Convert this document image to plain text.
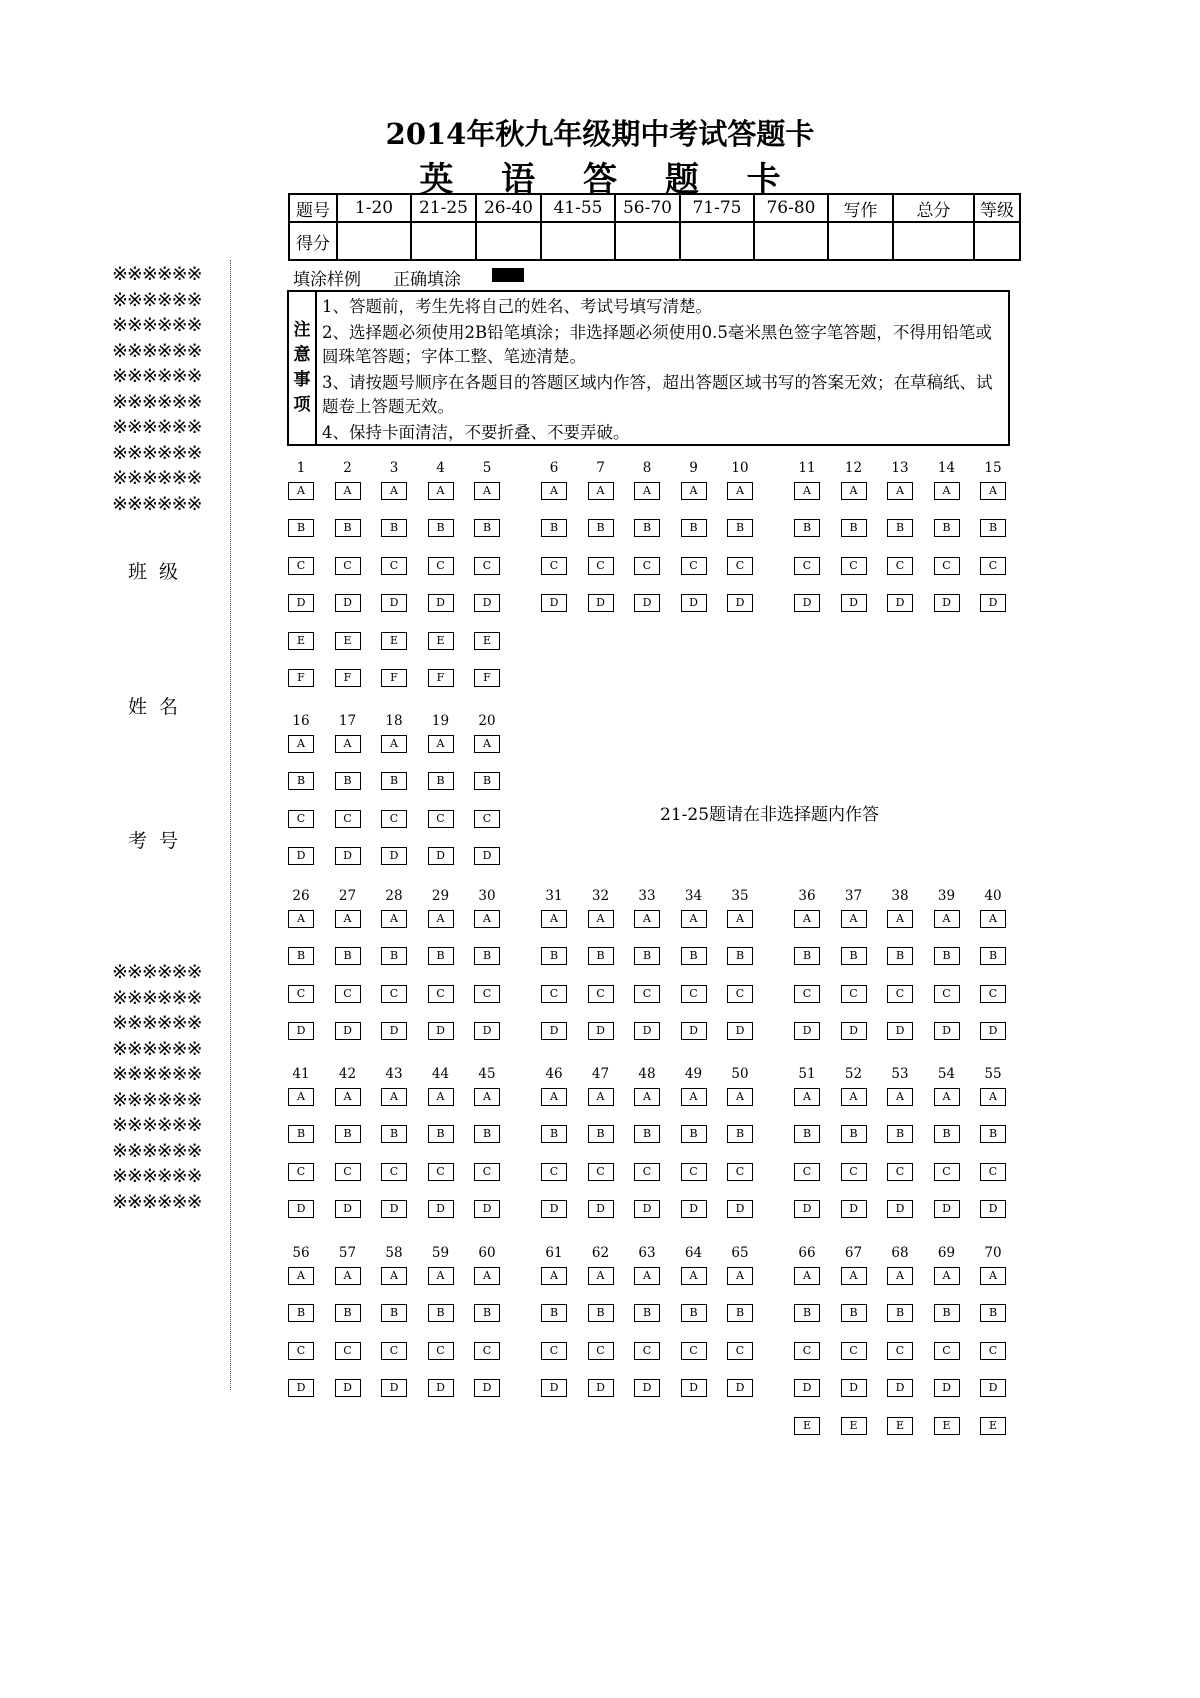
2014年秋九年级期中考试答题卡
英 语 答 题 卡
题号	1-20	21-25	26-40	41-55	56-70	71-75	76-80	写作	总分	等级
得分										
填涂样例 正确填涂
注
意
事
项

1、答题前，考生先将自己的姓名、考试号填写清楚。

2、选择题必须使用2B铅笔填涂；非选择题必须使用0.5毫米黑色签字笔答题，不得用铅笔或圆珠笔答题；字体工整、笔迹清楚。

3、请按题号顺序在各题目的答题区域内作答，超出答题区域书写的答案无效；在草稿纸、试题卷上答题无效。

4、保持卡面清洁，不要折叠、不要弄破。

※※※※※※
※※※※※※
※※※※※※
※※※※※※
※※※※※※
※※※※※※
※※※※※※
※※※※※※
※※※※※※
※※※※※※
班级
姓名
考号
※※※※※※
※※※※※※
※※※※※※
※※※※※※
※※※※※※
※※※※※※
※※※※※※
※※※※※※
※※※※※※
※※※※※※
21-25题请在非选择题内作答
1
A
B
C
D
E
F
2
A
B
C
D
E
F
3
A
B
C
D
E
F
4
A
B
C
D
E
F
5
A
B
C
D
E
F
6
A
B
C
D
7
A
B
C
D
8
A
B
C
D
9
A
B
C
D
10
A
B
C
D
11
A
B
C
D
12
A
B
C
D
13
A
B
C
D
14
A
B
C
D
15
A
B
C
D
16
A
B
C
D
17
A
B
C
D
18
A
B
C
D
19
A
B
C
D
20
A
B
C
D
26
A
B
C
D
27
A
B
C
D
28
A
B
C
D
29
A
B
C
D
30
A
B
C
D
31
A
B
C
D
32
A
B
C
D
33
A
B
C
D
34
A
B
C
D
35
A
B
C
D
36
A
B
C
D
37
A
B
C
D
38
A
B
C
D
39
A
B
C
D
40
A
B
C
D
41
A
B
C
D
42
A
B
C
D
43
A
B
C
D
44
A
B
C
D
45
A
B
C
D
46
A
B
C
D
47
A
B
C
D
48
A
B
C
D
49
A
B
C
D
50
A
B
C
D
51
A
B
C
D
52
A
B
C
D
53
A
B
C
D
54
A
B
C
D
55
A
B
C
D
56
A
B
C
D
57
A
B
C
D
58
A
B
C
D
59
A
B
C
D
60
A
B
C
D
61
A
B
C
D
62
A
B
C
D
63
A
B
C
D
64
A
B
C
D
65
A
B
C
D
66
A
B
C
D
E
67
A
B
C
D
E
68
A
B
C
D
E
69
A
B
C
D
E
70
A
B
C
D
E
